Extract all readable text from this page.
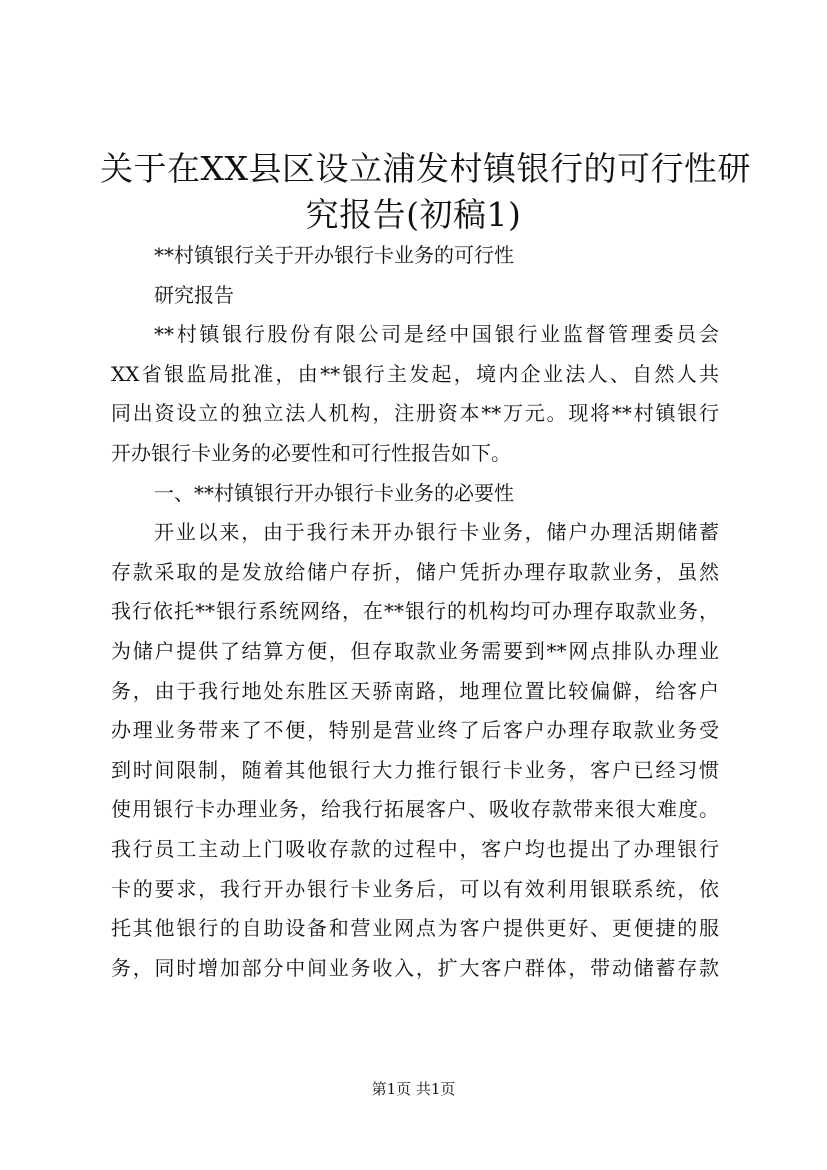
关于在XX县区设立浦发村镇银行的可行性研
究报告(初稿1)
**村镇银行关于开办银行卡业务的可行性
研究报告
**村镇银行股份有限公司是经中国银行业监督管理委员会
XX省银监局批准，由**银行主发起，境内企业法人、自然人共
同出资设立的独立法人机构，注册资本**万元。现将**村镇银行
开办银行卡业务的必要性和可行性报告如下。
一、**村镇银行开办银行卡业务的必要性
开业以来，由于我行未开办银行卡业务，储户办理活期储蓄
存款采取的是发放给储户存折，储户凭折办理存取款业务，虽然
我行依托**银行系统网络，在**银行的机构均可办理存取款业务，
为储户提供了结算方便，但存取款业务需要到**网点排队办理业
务，由于我行地处东胜区天骄南路，地理位置比较偏僻，给客户
办理业务带来了不便，特别是营业终了后客户办理存取款业务受
到时间限制，随着其他银行大力推行银行卡业务，客户已经习惯
使用银行卡办理业务，给我行拓展客户、吸收存款带来很大难度。
我行员工主动上门吸收存款的过程中，客户均也提出了办理银行
卡的要求，我行开办银行卡业务后，可以有效利用银联系统，依
托其他银行的自助设备和营业网点为客户提供更好、更便捷的服
务，同时增加部分中间业务收入，扩大客户群体，带动储蓄存款
第1页 共1页
